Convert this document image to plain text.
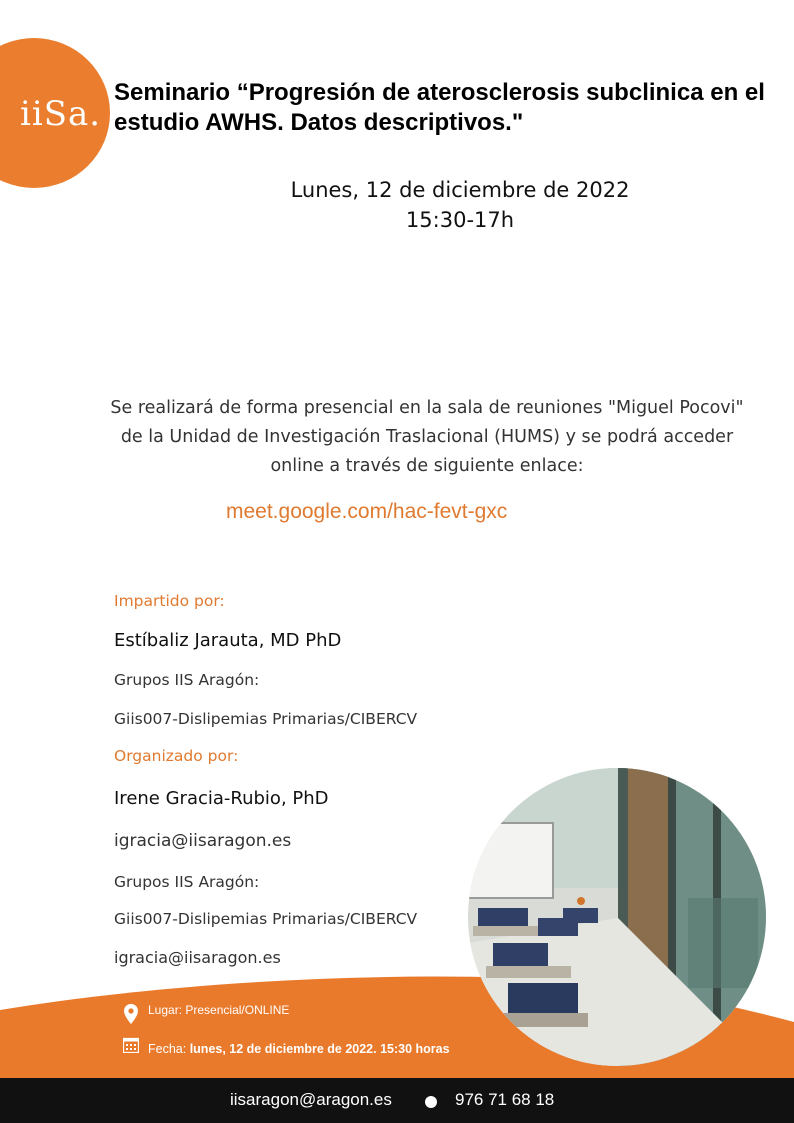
iiSa.
Seminario “Progresión de aterosclerosis subclinica en el estudio AWHS. Datos descriptivos."
Lunes, 12 de diciembre de 2022
15:30-17h
Se realizará de forma presencial en la sala de reuniones "Miguel Pocovi" de la Unidad de Investigación Traslacional (HUMS) y se podrá acceder online a través de siguiente enlace:
meet.google.com/hac-fevt-gxc
Impartido por:
Estíbaliz Jarauta, MD PhD
Grupos IIS Aragón:
Giis007-Dislipemias Primarias/CIBERCV
Organizado por:
Irene Gracia-Rubio, PhD
igracia@iisaragon.es
Grupos IIS Aragón:
Giis007-Dislipemias Primarias/CIBERCV
igracia@iisaragon.es
Lugar: Presencial/ONLINE
Fecha: lunes, 12 de diciembre de 2022. 15:30 horas
iisaragon@aragon.es	976 71 68 18
